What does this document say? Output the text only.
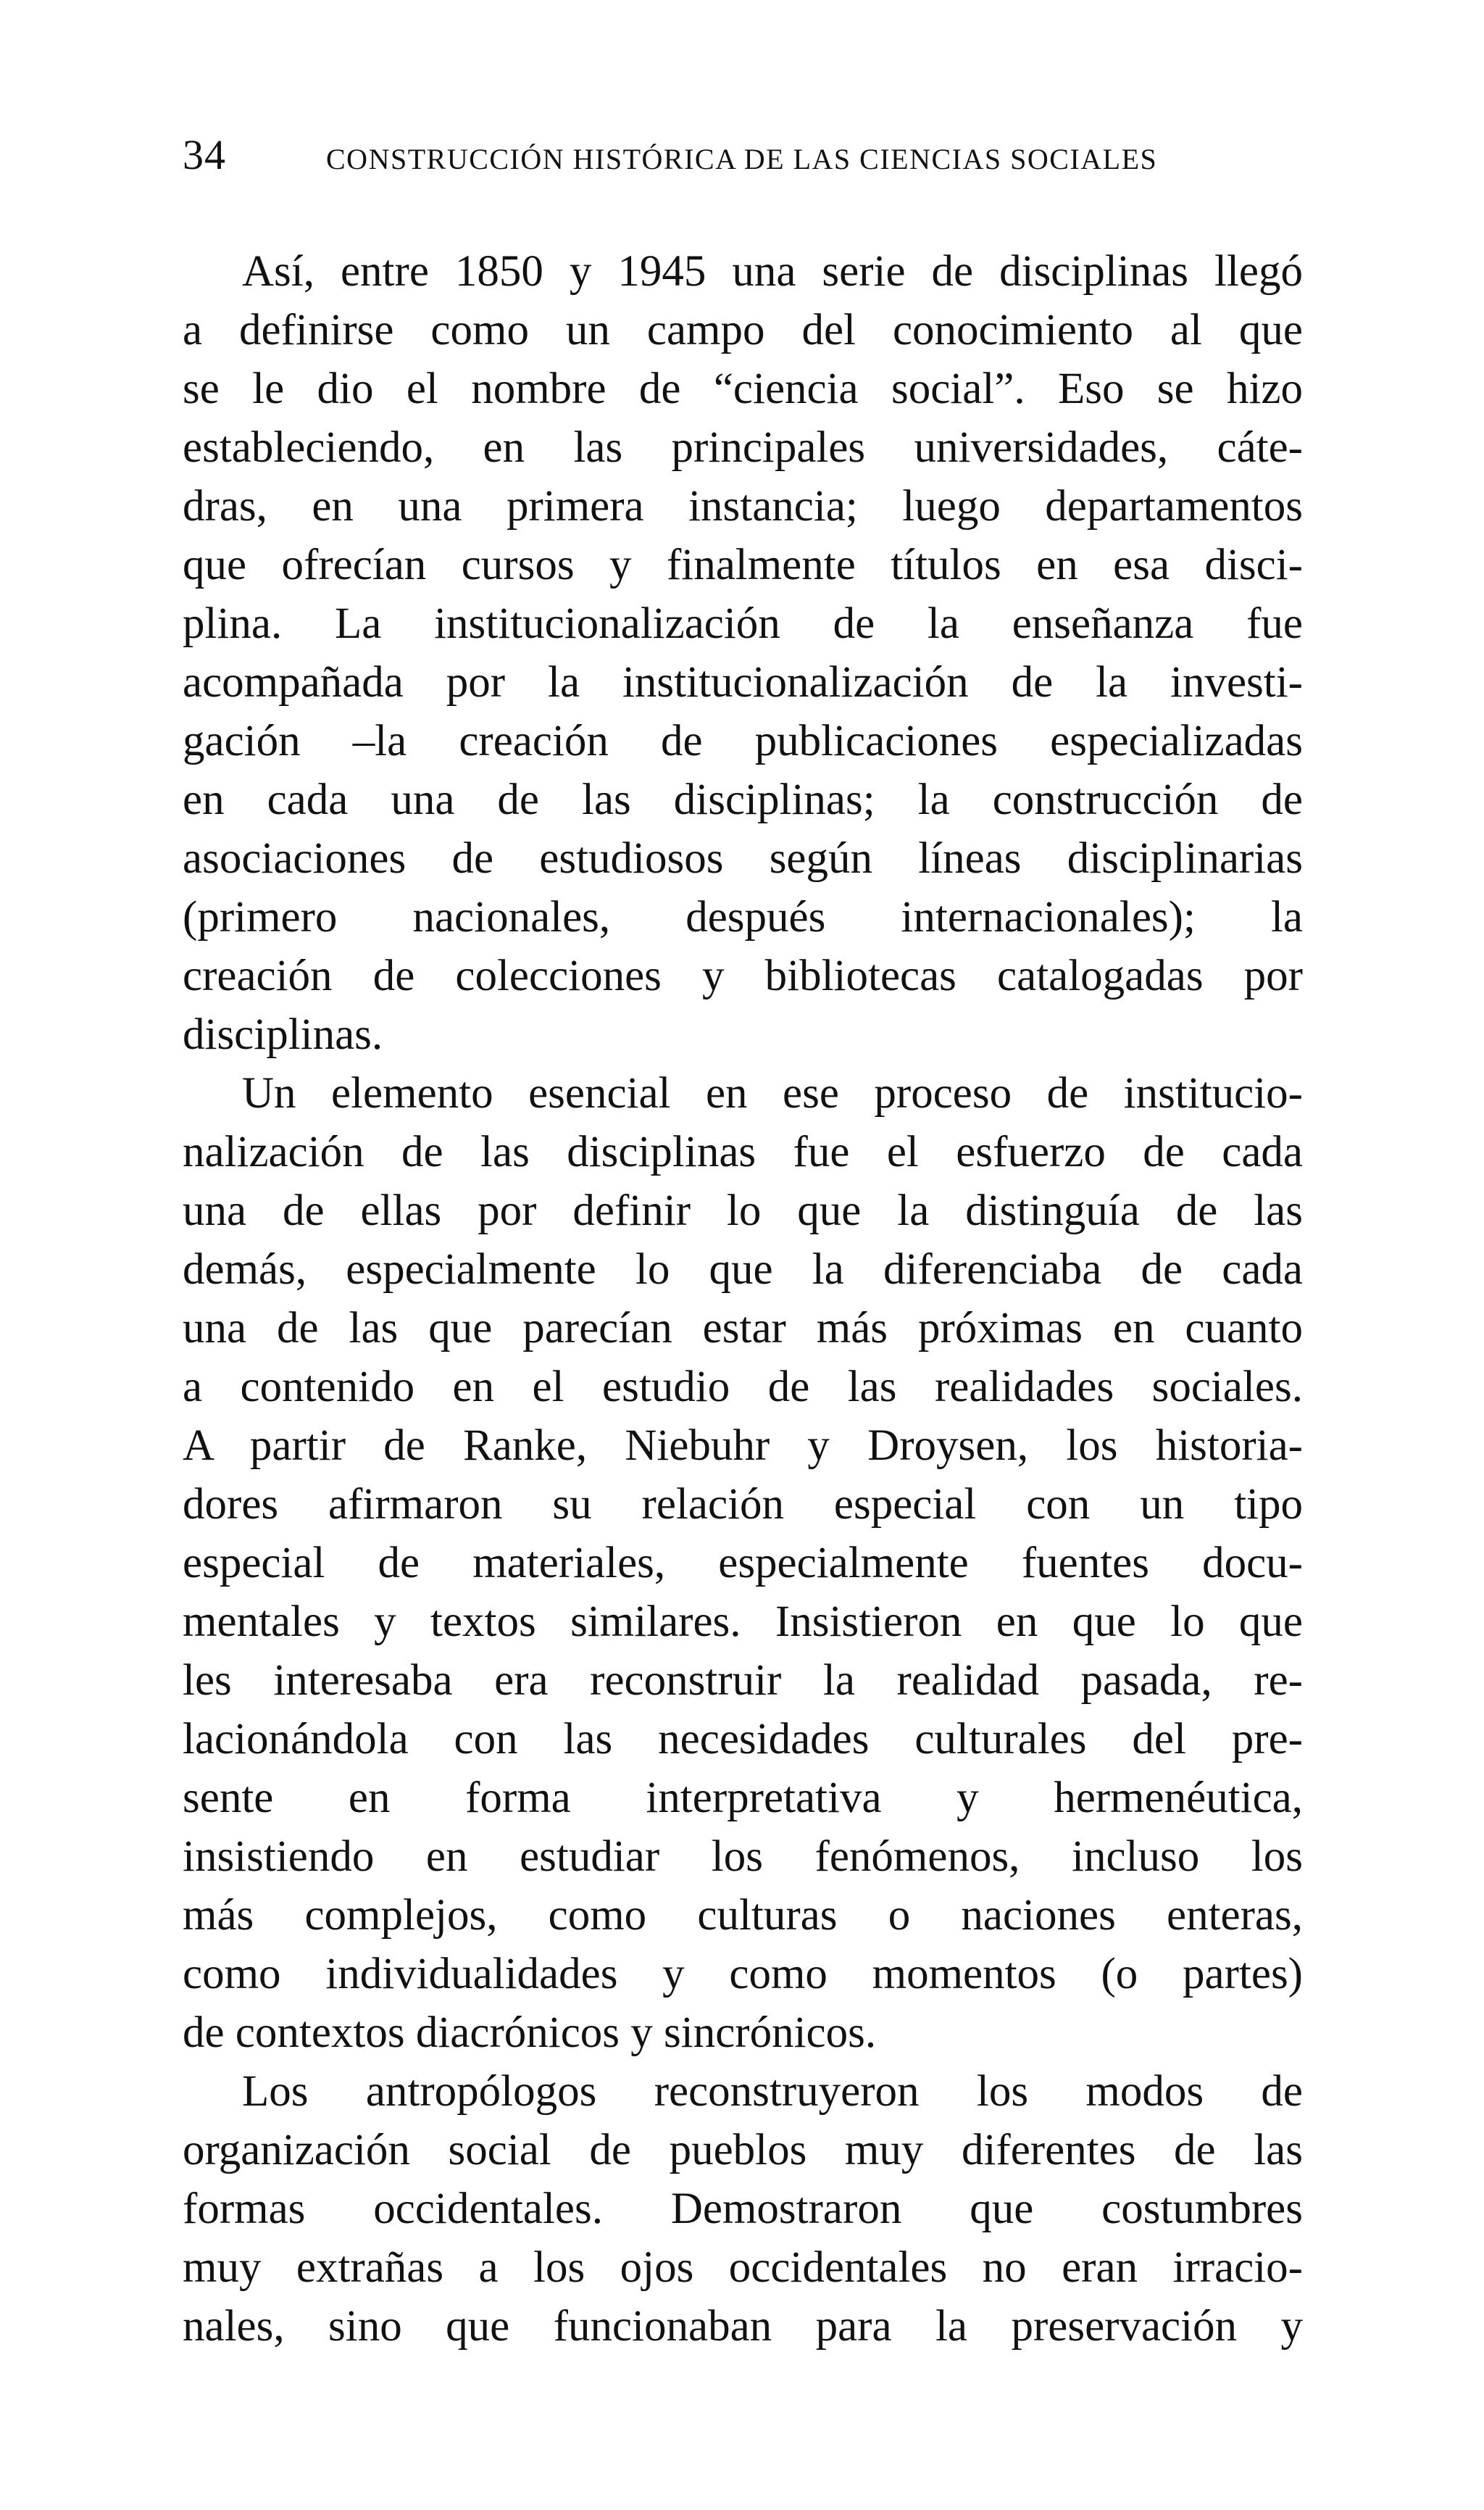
34	CONSTRUCCIÓN HISTÓRICA DE LAS CIENCIAS SOCIALES

Así, entre 1850 y 1945 una serie de disciplinas llegó
a definirse como un campo del conocimiento al que
se le dio el nombre de “ciencia social”. Eso se hizo
estableciendo, en las principales universidades, cáte-
dras, en una primera instancia; luego departamentos
que ofrecían cursos y finalmente títulos en esa disci-
plina. La institucionalización de la enseñanza fue
acompañada por la institucionalización de la investi-
gación –la creación de publicaciones especializadas
en cada una de las disciplinas; la construcción de
asociaciones de estudiosos según líneas disciplinarias
(primero nacionales, después internacionales); la
creación de colecciones y bibliotecas catalogadas por
disciplinas.

Un elemento esencial en ese proceso de institucio-
nalización de las disciplinas fue el esfuerzo de cada
una de ellas por definir lo que la distinguía de las
demás, especialmente lo que la diferenciaba de cada
una de las que parecían estar más próximas en cuanto
a contenido en el estudio de las realidades sociales.
A partir de Ranke, Niebuhr y Droysen, los historia-
dores afirmaron su relación especial con un tipo
especial de materiales, especialmente fuentes docu-
mentales y textos similares. Insistieron en que lo que
les interesaba era reconstruir la realidad pasada, re-
lacionándola con las necesidades culturales del pre-
sente en forma interpretativa y hermenéutica,
insistiendo en estudiar los fenómenos, incluso los
más complejos, como culturas o naciones enteras,
como individualidades y como momentos (o partes)
de contextos diacrónicos y sincrónicos.

Los antropólogos reconstruyeron los modos de
organización social de pueblos muy diferentes de las
formas occidentales. Demostraron que costumbres
muy extrañas a los ojos occidentales no eran irracio-
nales, sino que funcionaban para la preservación y
